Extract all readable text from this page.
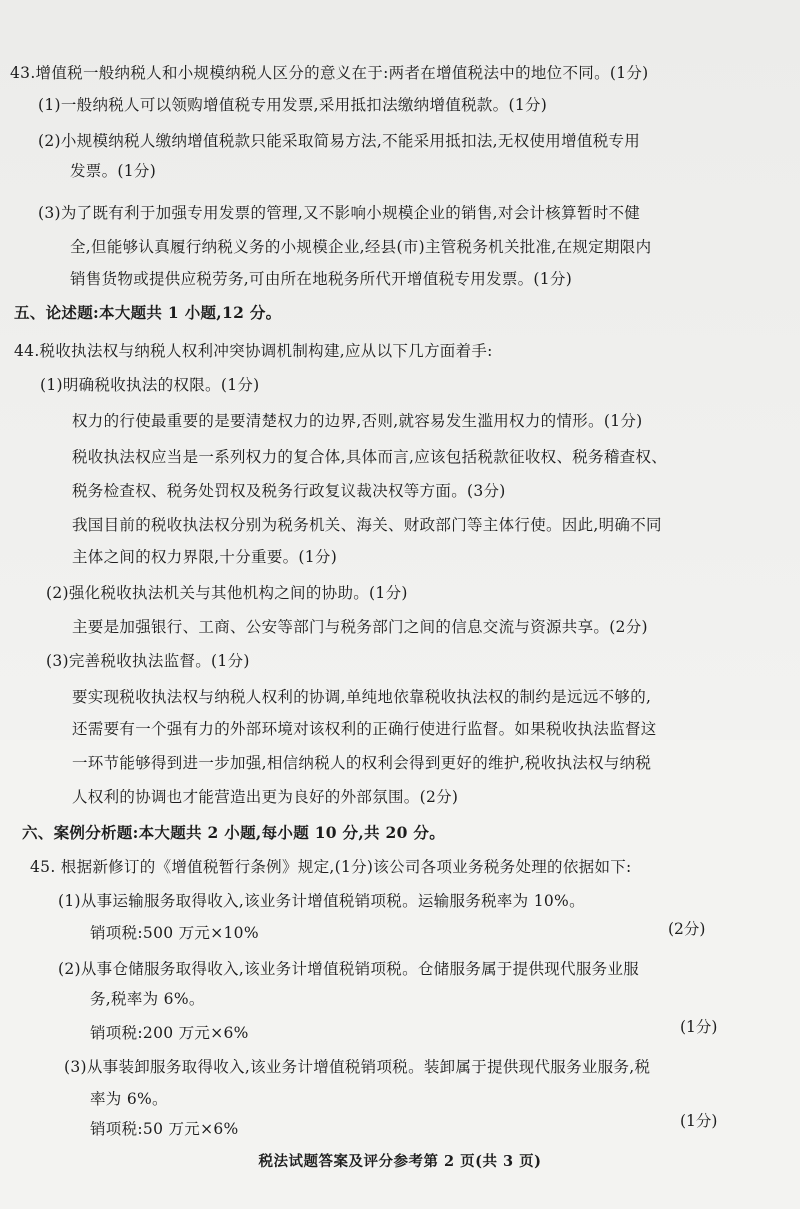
43.增值税一般纳税人和小规模纳税人区分的意义在于:两者在增值税法中的地位不同。(1分)
(1)一般纳税人可以领购增值税专用发票,采用抵扣法缴纳增值税款。(1分)
(2)小规模纳税人缴纳增值税款只能采取简易方法,不能采用抵扣法,无权使用增值税专用
发票。(1分)
(3)为了既有利于加强专用发票的管理,又不影响小规模企业的销售,对会计核算暂时不健
全,但能够认真履行纳税义务的小规模企业,经县(市)主管税务机关批准,在规定期限内
销售货物或提供应税劳务,可由所在地税务所代开增值税专用发票。(1分)
五、论述题:本大题共 1 小题,12 分。
44.税收执法权与纳税人权利冲突协调机制构建,应从以下几方面着手:
(1)明确税收执法的权限。(1分)
权力的行使最重要的是要清楚权力的边界,否则,就容易发生滥用权力的情形。(1分)
税收执法权应当是一系列权力的复合体,具体而言,应该包括税款征收权、税务稽查权、
税务检查权、税务处罚权及税务行政复议裁决权等方面。(3分)
我国目前的税收执法权分别为税务机关、海关、财政部门等主体行使。因此,明确不同
主体之间的权力界限,十分重要。(1分)
(2)强化税收执法机关与其他机构之间的协助。(1分)
主要是加强银行、工商、公安等部门与税务部门之间的信息交流与资源共享。(2分)
(3)完善税收执法监督。(1分)
要实现税收执法权与纳税人权利的协调,单纯地依靠税收执法权的制约是远远不够的,
还需要有一个强有力的外部环境对该权利的正确行使进行监督。如果税收执法监督这
一环节能够得到进一步加强,相信纳税人的权利会得到更好的维护,税收执法权与纳税
人权利的协调也才能营造出更为良好的外部氛围。(2分)
六、案例分析题:本大题共 2 小题,每小题 10 分,共 20 分。
45. 根据新修订的《增值税暂行条例》规定,(1分)该公司各项业务税务处理的依据如下:
(1)从事运输服务取得收入,该业务计增值税销项税。运输服务税率为 10%。
销项税:500 万元×10%	(2分)
(2)从事仓储服务取得收入,该业务计增值税销项税。仓储服务属于提供现代服务业服
务,税率为 6%。
销项税:200 万元×6%	(1分)
(3)从事装卸服务取得收入,该业务计增值税销项税。装卸属于提供现代服务业服务,税
率为 6%。
销项税:50 万元×6%	(1分)
税法试题答案及评分参考第 2 页(共 3 页)
